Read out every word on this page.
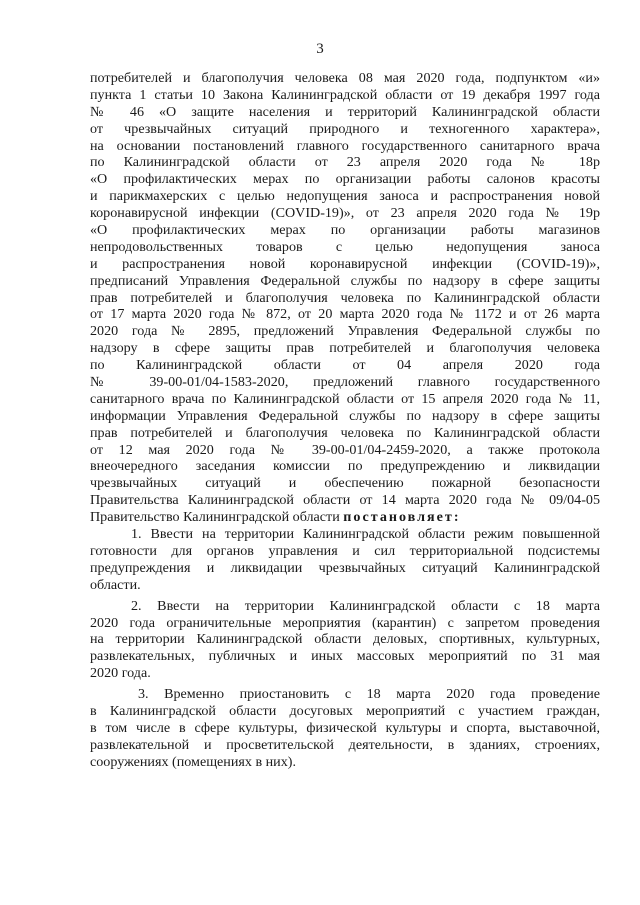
3
потребителей и благополучия человека 08 мая 2020 года, подпунктом «и»
пункта 1 статьи 10 Закона Калининградской области от 19 декабря 1997 года
№ 46 «О защите населения и территорий Калининградской области
от чрезвычайных ситуаций природного и техногенного характера»,
на основании постановлений главного государственного санитарного врача
по Калининградской области от 23 апреля 2020 года № 18р
«О профилактических мерах по организации работы салонов красоты
и парикмахерских с целью недопущения заноса и распространения новой
коронавирусной инфекции (COVID-19)», от 23 апреля 2020 года № 19р
«О профилактических мерах по организации работы магазинов
непродовольственных товаров с целью недопущения заноса
и распространения новой коронавирусной инфекции (COVID-19)»,
предписаний Управления Федеральной службы по надзору в сфере защиты
прав потребителей и благополучия человека по Калининградской области
от 17 марта 2020 года № 872, от 20 марта 2020 года № 1172 и от 26 марта
2020 года № 2895, предложений Управления Федеральной службы по
надзору в сфере защиты прав потребителей и благополучия человека
по Калининградской области от 04 апреля 2020 года
№ 39-00-01/04-1583-2020, предложений главного государственного
санитарного врача по Калининградской области от 15 апреля 2020 года № 11,
информации Управления Федеральной службы по надзору в сфере защиты
прав потребителей и благополучия человека по Калининградской области
от 12 мая 2020 года № 39-00-01/04-2459-2020, а также протокола
внеочередного заседания комиссии по предупреждению и ликвидации
чрезвычайных ситуаций и обеспечению пожарной безопасности
Правительства Калининградской области от 14 марта 2020 года № 09/04-05
Правительство Калининградской области постановляет:
1. Ввести на территории Калининградской области режим повышенной
готовности для органов управления и сил территориальной подсистемы
предупреждения и ликвидации чрезвычайных ситуаций Калининградской
области.
2. Ввести на территории Калининградской области с 18 марта
2020 года ограничительные мероприятия (карантин) с запретом проведения
на территории Калининградской области деловых, спортивных, культурных,
развлекательных, публичных и иных массовых мероприятий по 31 мая
2020 года.
3. Временно приостановить с 18 марта 2020 года проведение
в Калининградской области досуговых мероприятий с участием граждан,
в том числе в сфере культуры, физической культуры и спорта, выставочной,
развлекательной и просветительской деятельности, в зданиях, строениях,
сооружениях (помещениях в них).
